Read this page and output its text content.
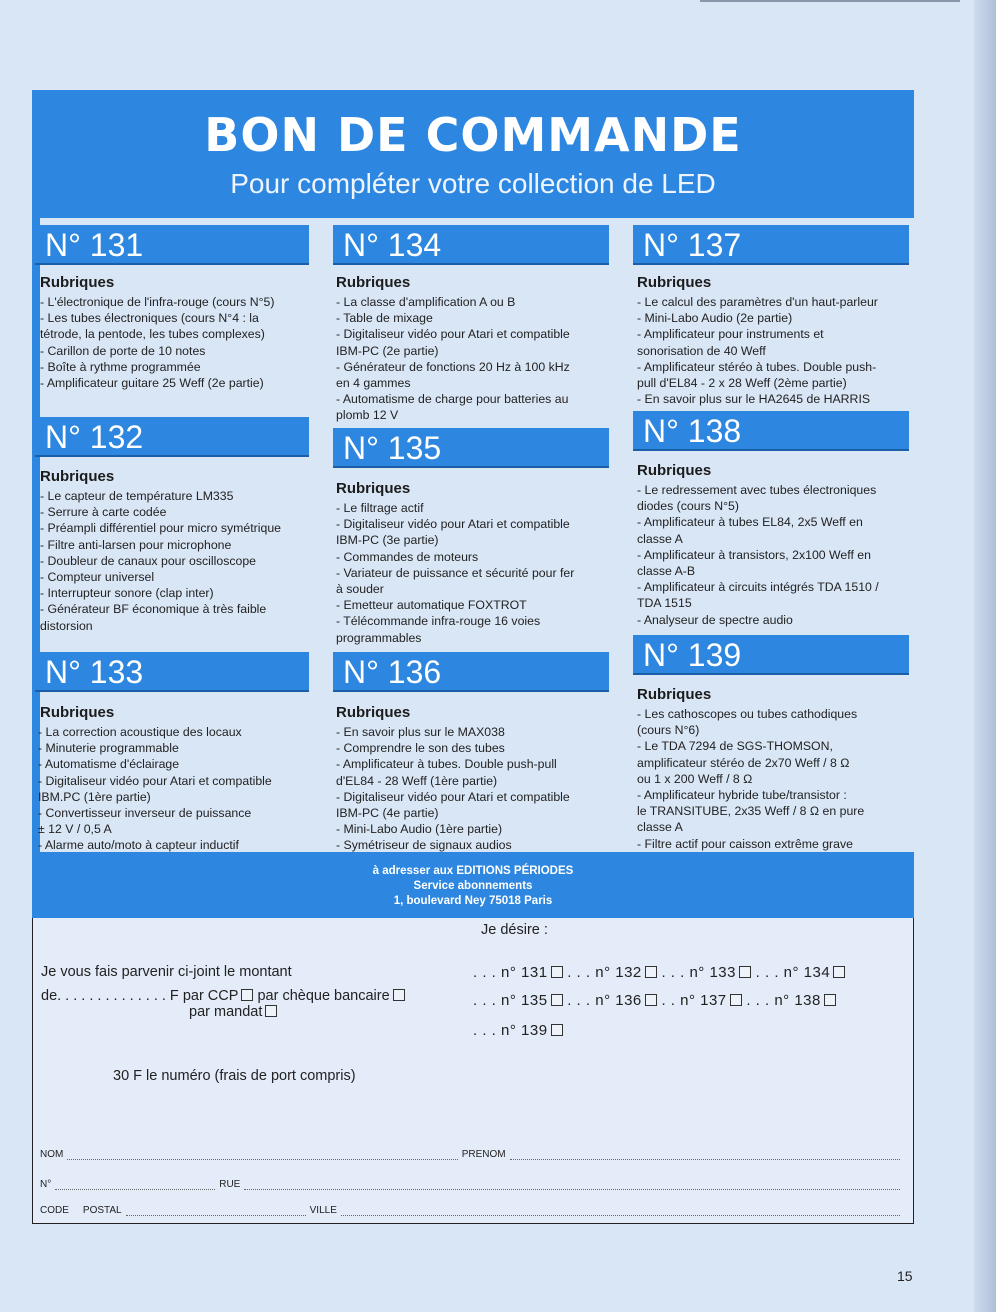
BON DE COMMANDE
Pour compléter votre collection de LED
N° 131
Rubriques
- L'électronique de l'infra-rouge (cours N°5)
- Les tubes électroniques (cours N°4 : la
tétrode, la pentode, les tubes complexes)
- Carillon de porte de 10 notes
- Boîte à rythme programmée
- Amplificateur guitare 25 Weff (2e partie)
N° 132
Rubriques
- Le capteur de température LM335
- Serrure à carte codée
- Préampli différentiel pour micro symétrique
- Filtre anti-larsen pour microphone
- Doubleur de canaux pour oscilloscope
- Compteur universel
- Interrupteur sonore (clap inter)
- Générateur BF économique à très faible
distorsion
N° 133
Rubriques
- La correction acoustique des locaux
- Minuterie programmable
- Automatisme d'éclairage
- Digitaliseur vidéo pour Atari et compatible
IBM.PC (1ère partie)
- Convertisseur inverseur de puissance
± 12 V / 0,5 A
- Alarme auto/moto à capteur inductif
N° 134
Rubriques
- La classe d'amplification A ou B
- Table de mixage
- Digitaliseur vidéo pour Atari et compatible
IBM-PC (2e partie)
- Générateur de fonctions 20 Hz à 100 kHz
en 4 gammes
- Automatisme de charge pour batteries au
plomb 12 V
N° 135
Rubriques
- Le filtrage actif
- Digitaliseur vidéo pour Atari et compatible
IBM-PC (3e partie)
- Commandes de moteurs
- Variateur de puissance et sécurité pour fer
à souder
- Emetteur automatique FOXTROT
- Télécommande infra-rouge 16 voies
programmables
N° 136
Rubriques
- En savoir plus sur le MAX038
- Comprendre le son des tubes
- Amplificateur à tubes. Double push-pull
d'EL84 - 28 Weff (1ère partie)
- Digitaliseur vidéo pour Atari et compatible
IBM-PC (4e partie)
- Mini-Labo Audio (1ère partie)
- Symétriseur de signaux audios
N° 137
Rubriques
- Le calcul des paramètres d'un haut-parleur
- Mini-Labo Audio (2e partie)
- Amplificateur pour instruments et
sonorisation de 40 Weff
- Amplificateur stéréo à tubes. Double push-
pull d'EL84 - 2 x 28 Weff (2ème partie)
- En savoir plus sur le HA2645 de HARRIS
N° 138
Rubriques
- Le redressement avec tubes électroniques
diodes (cours N°5)
- Amplificateur à tubes EL84, 2x5 Weff en
classe A
- Amplificateur à transistors, 2x100 Weff en
classe A-B
- Amplificateur à circuits intégrés TDA 1510 /
TDA 1515
- Analyseur de spectre audio
N° 139
Rubriques
- Les cathoscopes ou tubes cathodiques
(cours N°6)
- Le TDA 7294 de SGS-THOMSON,
amplificateur stéréo de 2x70 Weff / 8 Ω
ou 1 x 200 Weff / 8 Ω
- Amplificateur hybride tube/transistor :
le TRANSITUBE, 2x35 Weff / 8 Ω en pure
classe A
- Filtre actif pour caisson extrême grave
à adresser aux EDITIONS PÉRIODES
Service abonnements
1, boulevard Ney 75018 Paris
Je désire :
Je vous fais parvenir ci-joint le montant
de. . . . . . . . . . . . . . F par CCP par chèque bancaire
par mandat
. . . n° 131 . . . n° 132 . . . n° 133 . . . n° 134
. . . n° 135 . . . n° 136 . . n° 137 . . . n° 138
. . . n° 139
30 F le numéro (frais de port compris)
NOM	PRENOM
N°	RUE
CODE POSTAL	VILLE
15
